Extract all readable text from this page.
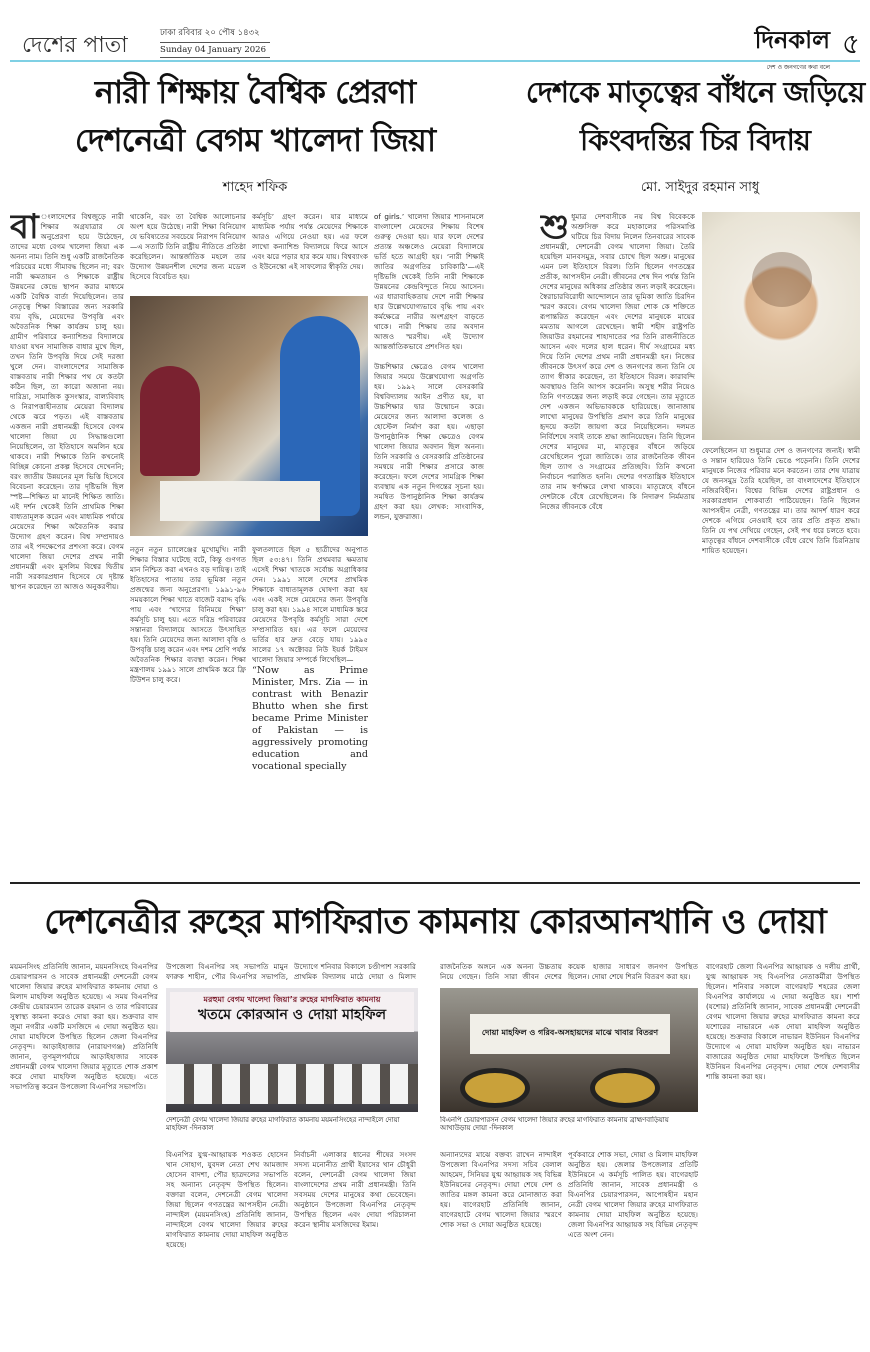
দেশের পাতা	ঢাকা রবিবার ২০ পৌষ ১৪৩২
Sunday 04 January 2026	দিনকাল
দেশ ও জনগণের কথা বলে
৫
নারী শিক্ষায় বৈশ্বিক প্রেরণা
দেশনেত্রী বেগম খালেদা জিয়া
শাহেদ শফিক
বা ংলাদেশের বিশ্বজুড়ে নারী শিক্ষার অগ্রযাত্রার যে অনুপ্রেরণা হয়ে উঠেছেন, তাদের মধ্যে বেগম খালেদা জিয়া এক অনন্য নাম। তিনি শুধু একটি রাজনৈতিক পরিচয়ের মধ্যে সীমাবদ্ধ ছিলেন না; বরং নারী ক্ষমতায়ন ও শিক্ষাকে রাষ্ট্রীয় উন্নয়নের কেন্দ্রে স্থাপন করার মাধ্যমে একটি বৈশ্বিক বার্তা দিয়েছিলেন। তার নেতৃত্বে শিক্ষা বিস্তারের জন্য সরকারি ব্যয় বৃদ্ধি, মেয়েদের উপবৃত্তি এবং অবৈতনিক শিক্ষা কার্যক্রম চালু হয়। গ্রামীণ পরিবারে কন্যাশিশুর বিদ্যালয়ে যাওয়া যখন সামাজিক বাধার মুখে ছিল, তখন তিনি উপবৃত্তি দিয়ে সেই দরজা খুলে দেন। বাংলাদেশের সামাজিক বাস্তবতায় নারী শিক্ষার পথ যে কতটা কঠিন ছিল, তা কারো অজানা নয়। দারিদ্র্য, সামাজিক কুসংস্কার, বাল্যবিবাহ ও নিরাপত্তাহীনতায় মেয়েরা বিদ্যালয় থেকে ঝরে পড়ত। এই বাস্তবতায় একজন নারী প্রধানমন্ত্রী হিসেবে বেগম খালেদা জিয়া যে সিদ্ধান্তগুলো নিয়েছিলেন, তা ইতিহাসে অমলিন হয়ে থাকবে। নারী শিক্ষাকে তিনি কখনোই বিচ্ছিন্ন কোনো প্রকল্প হিসেবে দেখেননি; বরং জাতীয় উন্নয়নের মূল ভিত্তি হিসেবে বিবেচনা করেছেন। তার দৃষ্টিভঙ্গি ছিল স্পষ্ট—শিক্ষিত মা মানেই শিক্ষিত জাতি। এই দর্শন থেকেই তিনি প্রাথমিক শিক্ষা বাধ্যতামূলক করেন এবং মাধ্যমিক পর্যায়ে মেয়েদের শিক্ষা অবৈতনিক করার উদ্যোগ গ্রহণ করেন। বিশ্ব সম্প্রদায়ও তার এই পদক্ষেপের প্রশংসা করে। বেগম খালেদা জিয়া দেশের প্রথম নারী প্রধানমন্ত্রী এবং মুসলিম বিশ্বের দ্বিতীয় নারী সরকারপ্রধান হিসেবে যে দৃষ্টান্ত স্থাপন করেছেন তা আজও অনুকরণীয়।
থাকেনি, বরং তা বৈশ্বিক আলোচনার অংশ হয়ে উঠেছে। নারী শিক্ষা বিনিয়োগ যে ভবিষ্যতের সবচেয়ে নিরাপদ বিনিয়োগ—এ সত্যটি তিনি রাষ্ট্রীয় নীতিতে প্রতিষ্ঠা করেছিলেন। আন্তর্জাতিক মহলে তার উদ্যোগ উন্নয়নশীল দেশের জন্য মডেল হিসেবে বিবেচিত হয়।
কর্মসূচি’ গ্রহণ করেন। যার মাধ্যমে মাধ্যমিক পর্যায় পর্যন্ত মেয়েদের শিক্ষাকে আরও এগিয়ে নেওয়া হয়। এর ফলে লাখো কন্যাশিশু বিদ্যালয়ে ফিরে আসে এবং ঝরে পড়ার হার কমে যায়। বিশ্বব্যাংক ও ইউনেস্কো এই সাফল্যের স্বীকৃতি দেয়।
of girls.’ খালেদা জিয়ার শাসনামলে বাংলাদেশ মেয়েদের শিক্ষায় বিশেষ গুরুত্ব দেওয়া হয়। যার ফলে দেশের প্রত্যন্ত অঞ্চলেও মেয়েরা বিদ্যালয়ে ভর্তি হতে আগ্রহী হয়। ‘নারী শিক্ষাই জাতির অগ্রগতির চাবিকাঠি’—এই দৃষ্টিভঙ্গি থেকেই তিনি নারী শিক্ষাকে উন্নয়নের কেন্দ্রবিন্দুতে নিয়ে আসেন। এর ধারাবাহিকতায় দেশে নারী শিক্ষার হার উল্লেখযোগ্যভাবে বৃদ্ধি পায় এবং কর্মক্ষেত্রে নারীর অংশগ্রহণ বাড়তে থাকে। নারী শিক্ষায় তার অবদান আজও স্মরণীয়। এই উদ্যোগ আন্তর্জাতিকভাবে প্রশংসিত হয়।

উচ্চশিক্ষার ক্ষেত্রেও বেগম খালেদা জিয়ার সময়ে উল্লেখযোগ্য অগ্রগতি হয়। ১৯৯২ সালে বেসরকারি বিশ্ববিদ্যালয় আইন প্রণীত হয়, যা উচ্চশিক্ষার দ্বার উন্মোচন করে। মেয়েদের জন্য আলাদা কলেজ ও হোস্টেল নির্মাণ করা হয়। এছাড়া উপানুষ্ঠানিক শিক্ষা ক্ষেত্রেও বেগম খালেদা জিয়ার অবদান ছিল অনন্য। তিনি সরকারি ও বেসরকারি প্রতিষ্ঠানের সমন্বয়ে নারী শিক্ষার প্রসারে কাজ করেছেন। ফলে দেশের সামগ্রিক শিক্ষা ব্যবস্থায় এক নতুন দিগন্তের সূচনা হয়। সমন্বিত উপানুষ্ঠানিক শিক্ষা কার্যক্রম গ্রহণ করা হয়। লেখক: সাংবাদিক, লন্ডন, যুক্তরাজ্য।
নতুন নতুন চ্যালেঞ্জের মুখোমুখি। নারী শিক্ষার বিস্তার ঘটেছে বটে, কিন্তু গুণগত মান নিশ্চিত করা এখনও বড় দায়িত্ব। তাই ইতিহাসের পাতায় তার ভূমিকা নতুন প্রজন্মের জন্য অনুপ্রেরণা। ১৯৯১-৯৬ সময়কালে শিক্ষা খাতে বাজেট বরাদ্দ বৃদ্ধি পায় এবং ‘খাদ্যের বিনিময়ে শিক্ষা’ কর্মসূচি চালু হয়। এতে দরিদ্র পরিবারের সন্তানরা বিদ্যালয়ে আসতে উৎসাহিত হয়। তিনি মেয়েদের জন্য আলাদা বৃত্তি ও উপবৃত্তি চালু করেন এবং দশম শ্রেণি পর্যন্ত অবৈতনিক শিক্ষার ব্যবস্থা করেন। শিক্ষা মন্ত্রণালয় ১৯৯১ সালে প্রাথমিক স্তরে ফ্রি টিউশন চালু করে।
ফুলতলাতে ছিল ৫ ছাত্রীদের অনুপাত ছিল ৫৩:৪৭। তিনি প্রথমবার ক্ষমতায় এসেই শিক্ষা খাতকে সর্বোচ্চ অগ্রাধিকার দেন। ১৯৯১ সালে দেশের প্রাথমিক শিক্ষাকে বাধ্যতামূলক ঘোষণা করা হয় এবং একই সঙ্গে মেয়েদের জন্য উপবৃত্তি চালু করা হয়। ১৯৯৪ সালে মাধ্যমিক স্তরে মেয়েদের উপবৃত্তি কর্মসূচি সারা দেশে সম্প্রসারিত হয়। এর ফলে মেয়েদের ভর্তির হার দ্রুত বেড়ে যায়। ১৯৯৫ সালের ১৭ অক্টোবর নিউ ইয়র্ক টাইমস খালেদা জিয়ার সম্পর্কে লিখেছিল—
“Now as Prime Minister, Mrs. Zia — in contrast with Benazir Bhutto when she first became Prime Minister of Pakistan — is aggressively promoting education and vocational specially
দেশকে মাতৃত্বের বাঁধনে জড়িয়ে
কিংবদন্তির চির বিদায়
মো. সাইদুর রহমান সাধু
শুধুমাত্র দেশবাসীকে নয় বিশ্ব বিবেককে অশ্রুসিক্ত করে মহাকালের পরিসমাপ্তি ঘটিয়ে চির বিদায় নিলেন তিনবারের সাবেক প্রধানমন্ত্রী, দেশনেত্রী বেগম খালেদা জিয়া। তৈরি হয়েছিল মানবসমুদ্র, সবার চোখে ছিল অশ্রু। মানুষের এমন ঢল ইতিহাসে বিরল। তিনি ছিলেন গণতন্ত্রের প্রতীক, আপসহীন নেত্রী। জীবনের শেষ দিন পর্যন্ত তিনি দেশের মানুষের অধিকার প্রতিষ্ঠার জন্য লড়াই করেছেন। স্বৈরাচারবিরোধী আন্দোলনে তার ভূমিকা জাতি চিরদিন স্মরণ করবে। বেগম খালেদা জিয়া শোক কে শক্তিতে রূপান্তরিত করেছেন এবং দেশের মানুষকে মায়ের মমতায় আগলে রেখেছেন। স্বামী শহীদ রাষ্ট্রপতি জিয়াউর রহমানের শাহাদাতের পর তিনি রাজনীতিতে আসেন এবং দলের হাল ধরেন। দীর্ঘ সংগ্রামের মধ্য দিয়ে তিনি দেশের প্রথম নারী প্রধানমন্ত্রী হন। নিজের জীবনকে উৎসর্গ করে দেশ ও জনগণের জন্য তিনি যে ত্যাগ স্বীকার করেছেন, তা ইতিহাসে বিরল। কারাবন্দি অবস্থায়ও তিনি আপস করেননি। অসুস্থ শরীর নিয়েও তিনি গণতন্ত্রের জন্য লড়াই করে গেছেন। তার মৃত্যুতে দেশ একজন অভিভাবককে হারিয়েছে। জানাজায় লাখো মানুষের উপস্থিতি প্রমাণ করে তিনি মানুষের হৃদয়ে কতটা জায়গা করে নিয়েছিলেন। দলমত নির্বিশেষে সবাই তাকে শ্রদ্ধা জানিয়েছেন। তিনি ছিলেন দেশের মানুষের মা, মাতৃত্বের বাঁধনে জড়িয়ে রেখেছিলেন পুরো জাতিকে। তার রাজনৈতিক জীবন ছিল ত্যাগ ও সংগ্রামের প্রতিচ্ছবি। তিনি কখনো নির্বাচনে পরাজিত হননি। দেশের গণতান্ত্রিক ইতিহাসে তার নাম স্বর্ণাক্ষরে লেখা থাকবে। মাতৃস্নেহে বাঁধনে দেশটাকে বেঁধে রেখেছিলেন। কি নিদারুণ নির্মমতায় নিজের জীবনকে বেঁধে
ফেলেছিলেন যা শুধুমাত্র দেশ ও জনগণের জন্যই। স্বামী ও সন্তান হারিয়েও তিনি ভেঙে পড়েননি। তিনি দেশের মানুষকে নিজের পরিবার মনে করতেন। তার শেষ যাত্রায় যে জনসমুদ্র তৈরি হয়েছিল, তা বাংলাদেশের ইতিহাসে নজিরবিহীন। বিশ্বের বিভিন্ন দেশের রাষ্ট্রপ্রধান ও সরকারপ্রধান শোকবার্তা পাঠিয়েছেন। তিনি ছিলেন আপসহীন নেত্রী, গণতন্ত্রের মা। তার আদর্শ ধারণ করে দেশকে এগিয়ে নেওয়াই হবে তার প্রতি প্রকৃত শ্রদ্ধা। তিনি যে পথ দেখিয়ে গেছেন, সেই পথ ধরে চলতে হবে। মাতৃত্বের বাঁধনে দেশবাসীকে বেঁধে রেখে তিনি চিরনিদ্রায় শায়িত হয়েছেন।
দেশনেত্রীর রুহের মাগফিরাত কামনায় কোরআনখানি ও দোয়া
ময়মনসিংহ প্রতিনিধি জানান, ময়মনসিংহে বিএনপির চেয়ারপারসন ও সাবেক প্রধানমন্ত্রী দেশনেত্রী বেগম খালেদা জিয়ার রুহের মাগফিরাত কামনায় দোয়া ও মিলাদ মাহফিল অনুষ্ঠিত হয়েছে। এ সময় বিএনপির কেন্দ্রীয় চেয়ারম্যান তারেক রহমান ও তার পরিবারের সুস্বাস্থ্য কামনা করেও দোয়া করা হয়। শুক্রবার বাদ জুমা নগরীর একটি মসজিদে এ দোয়া অনুষ্ঠিত হয়। দোয়া মাহফিলে উপস্থিত ছিলেন জেলা বিএনপির নেতৃবৃন্দ। আড়াইহাজার (নারায়ণগঞ্জ) প্রতিনিধি জানান, তৃণমূলপর্যায়ে আড়াইহাজার সাবেক প্রধানমন্ত্রী বেগম খালেদা জিয়ার মৃত্যুতে শোক প্রকাশ করে দোয়া মাহফিল অনুষ্ঠিত হয়েছে। এতে সভাপতিত্ব করেন উপজেলা বিএনপির সভাপতি।
উপজেলা বিএনপির সহ সভাপতি মামুন ফারুক শাহীন, পৌর বিএনপির সভাপতি,
উদ্যোগে শনিবার বিকালে চণ্ডীপাশ সরকারি প্রাথমিক বিদ্যালয় মাঠে দোয়া ও মিলাদ
রাজনৈতিক অঙ্গনে এক অনন্য উচ্চতায় নিয়ে গেছেন। তিনি সারা জীবন দেশের
কয়েক হাজার সাধারণ জনগণ উপস্থিত ছিলেন। দোয়া শেষে শিরনি বিতরণ করা হয়।
বাগেরহাট জেলা বিএনপির আহ্বায়ক ও দলীয় প্রার্থী, যুগ্ম আহ্বায়ক সহ বিএনপির নেতাকর্মীরা উপস্থিত ছিলেন। শনিবার সকালে বাগেরহাট শহরের জেলা বিএনপির কার্যালয়ে এ দোয়া অনুষ্ঠিত হয়। শার্শা (যশোর) প্রতিনিধি জানান, সাবেক প্রধানমন্ত্রী দেশনেত্রী বেগম খালেদা জিয়ার রুহের মাগফিরাত কামনা করে যশোরের নাভারনে এক দোয়া মাহফিল অনুষ্ঠিত হয়েছে। শুক্রবার বিকালে নাভারন ইউনিয়ন বিএনপির উদ্যোগে এ দোয়া মাহফিল অনুষ্ঠিত হয়। নাভারন বাজারের অনুষ্ঠিত দোয়া মাহফিলে উপস্থিত ছিলেন ইউনিয়ন বিএনপির নেতৃবৃন্দ। দোয়া শেষে দেশবাসীর শান্তি কামনা করা হয়।
মরহুমা বেগম খালেদা জিয়া’র রুহের মাগফিরাত কামনায়
খতমে কোরআন ও দোয়া মাহফিল
দেশনেত্রী বেগম খালেদা জিয়ার রুহের মাগফিরাত কামনায় ময়মনসিংহের নান্দাইলে দোয়া মাহফিল -দিনকাল
দোয়া মাহফিল ও গরিব-অসহায়দের মাঝে খাবার বিতরণ
বিএনপি চেয়ারপারসন বেগম খালেদা জিয়ার রুহের মাগফিরাত কামনায় ব্রাহ্মণবাড়িয়ায় আখাউড়ায় দোয়া -দিনকাল
বিএনপির যুগ্ম-আহ্বায়ক শওকত হোসেন খান সোহাগ, যুবদল নেতা শেখ আমজাদ হোসেন বাদশা, পৌর ছাত্রদলের সভাপতি সহ অন্যান্য নেতৃবৃন্দ উপস্থিত ছিলেন। বক্তারা বলেন, দেশনেত্রী বেগম খালেদা জিয়া ছিলেন গণতন্ত্রের আপসহীন নেত্রী। নান্দাইল (ময়মনসিংহ) প্রতিনিধি জানান, নান্দাইলে বেগম খালেদা জিয়ার রুহের মাগফিরাত কামনায় দোয়া মাহফিল অনুষ্ঠিত হয়েছে।
নির্বাচনী এলাকার ধানের শীষের সংসদ সদস্য মনোনীত প্রার্থী ইয়াসের খান চৌধুরী বলেন, দেশনেত্রী বেগম খালেদা জিয়া বাংলাদেশের প্রথম নারী প্রধানমন্ত্রী। তিনি সবসময় দেশের মানুষের কথা ভেবেছেন। অনুষ্ঠানে উপজেলা বিএনপির নেতৃবৃন্দ উপস্থিত ছিলেন এবং দোয়া পরিচালনা করেন স্থানীয় মসজিদের ইমাম।
অন্যান্যদের মাঝে বক্তব্য রাখেন নান্দাইল উপজেলা বিএনপির সদস্য সচিব বেলাল আহমেদ, সিনিয়র যুগ্ম আহ্বায়ক সহ বিভিন্ন ইউনিয়নের নেতৃবৃন্দ। দোয়া শেষে দেশ ও জাতির মঙ্গল কামনা করে মোনাজাত করা হয়। বাগেরহাট প্রতিনিধি জানান, বাগেরহাটে বেগম খালেদা জিয়ার স্মরণে শোক সভা ও দোয়া অনুষ্ঠিত হয়েছে।
পূর্বকবারে শোক সভা, দোয়া ও মিলাদ মাহফিল অনুষ্ঠিত হয়। জেলার উপজেলার প্রতিটি ইউনিয়নে এ কর্মসূচি পালিত হয়। বাগেরহাট প্রতিনিধি জানান, সাবেক প্রধানমন্ত্রী ও বিএনপির চেয়ারপারসন, আপোষহীন মহান নেত্রী বেগম খালেদা জিয়ার রুহের মাগফিরাত কামনায় দোয়া মাহফিল অনুষ্ঠিত হয়েছে। জেলা বিএনপির আহ্বায়ক সহ বিভিন্ন নেতৃবৃন্দ এতে অংশ নেন।
